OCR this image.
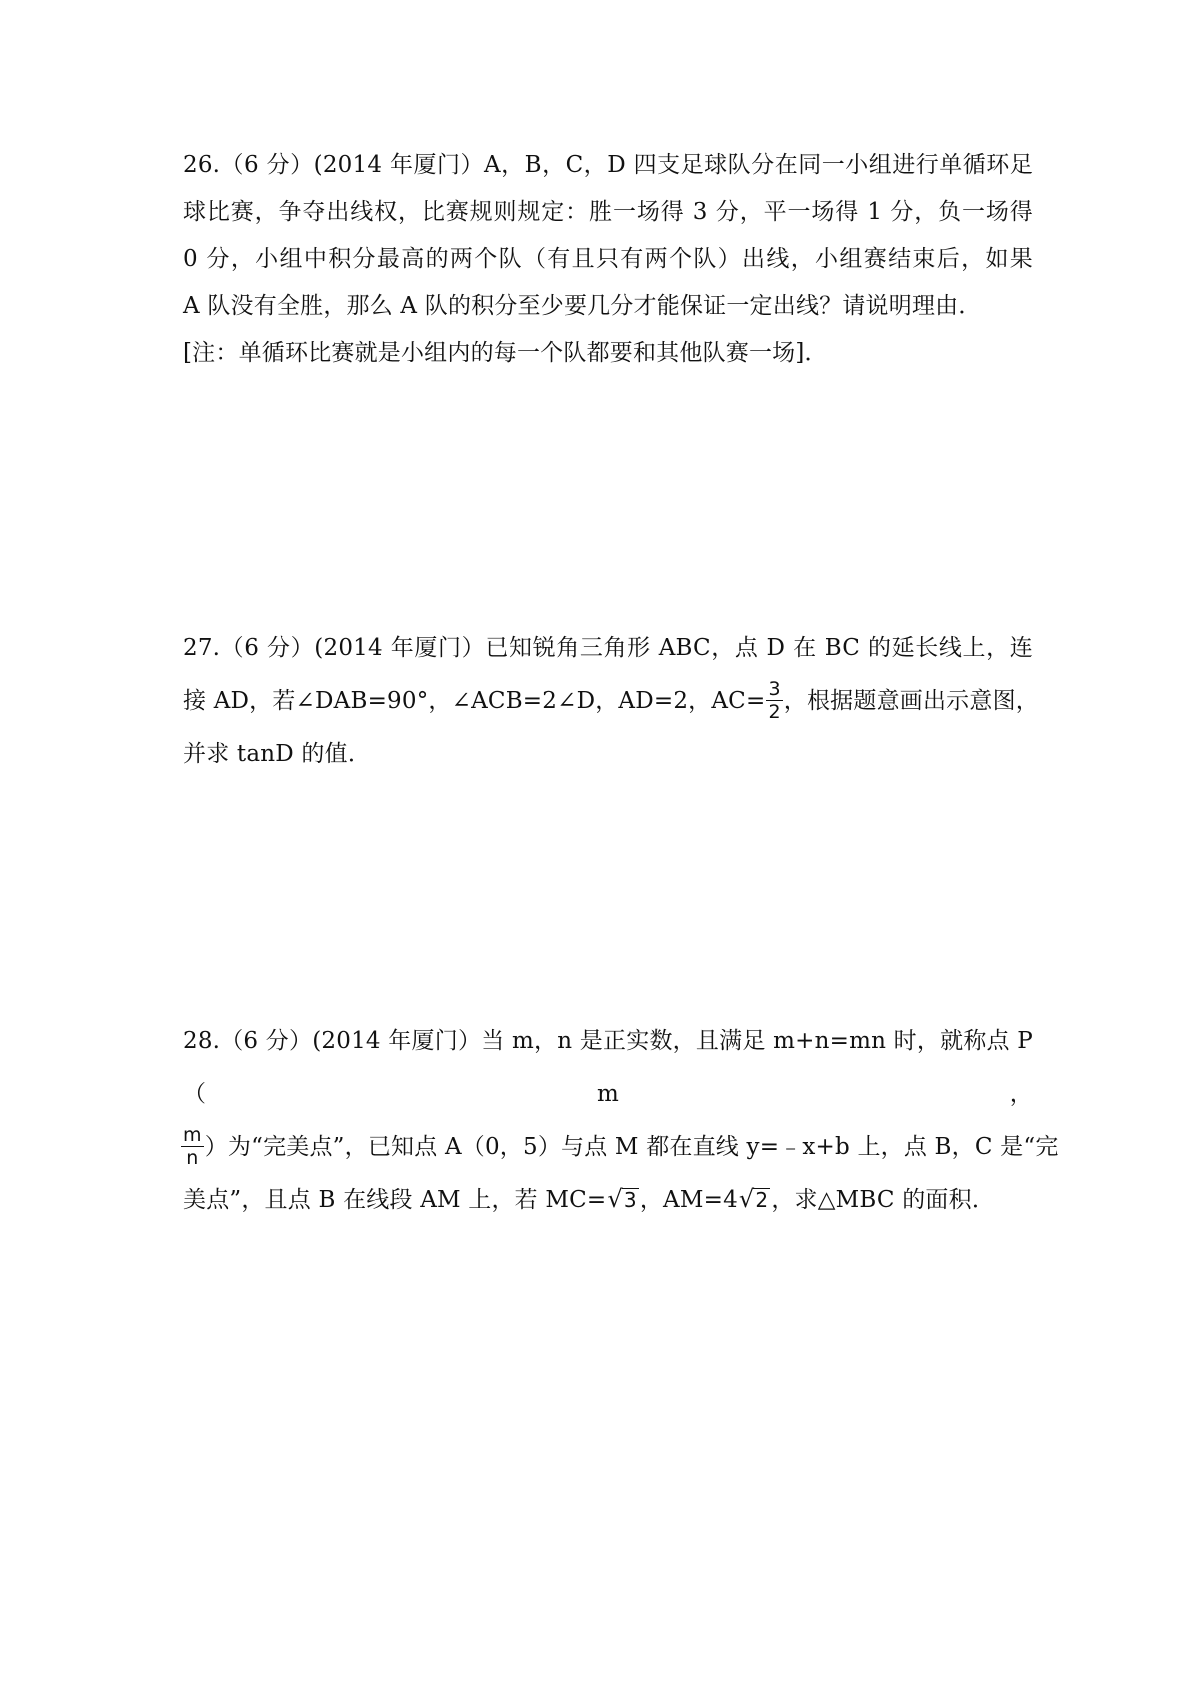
26.（6 分）(2014 年厦门）A，B，C，D 四支足球队分在同一小组进行单循环足
球比赛，争夺出线权，比赛规则规定：胜一场得 3 分，平一场得 1 分，负一场得
0 分，小组中积分最高的两个队（有且只有两个队）出线，小组赛结束后，如果
A 队没有全胜，那么 A 队的积分至少要几分才能保证一定出线？请说明理由．
[注：单循环比赛就是小组内的每一个队都要和其他队赛一场]．
27.（6 分）(2014 年厦门）已知锐角三角形 ABC，点 D 在 BC 的延长线上，连
接 AD，若∠DAB=90°，∠ACB=2∠D，AD=2，$AC= \frac{3}{2}$ ，根据题意画出示意图，
并求 tanD 的值．
28.（6 分）(2014 年厦门）当 m，n 是正实数，且满足 m+n=mn 时，就称点 P（m，
$\frac{m}{n}$ ）为“完美点”，已知点 A（0，5）与点 M 都在直线 y=﹣x+b 上，点 B，C 是“完
美点”，且点 B 在线段 AM 上，若 MC= √ 3 ，AM=4 √ 2 ，求△MBC 的面积．
